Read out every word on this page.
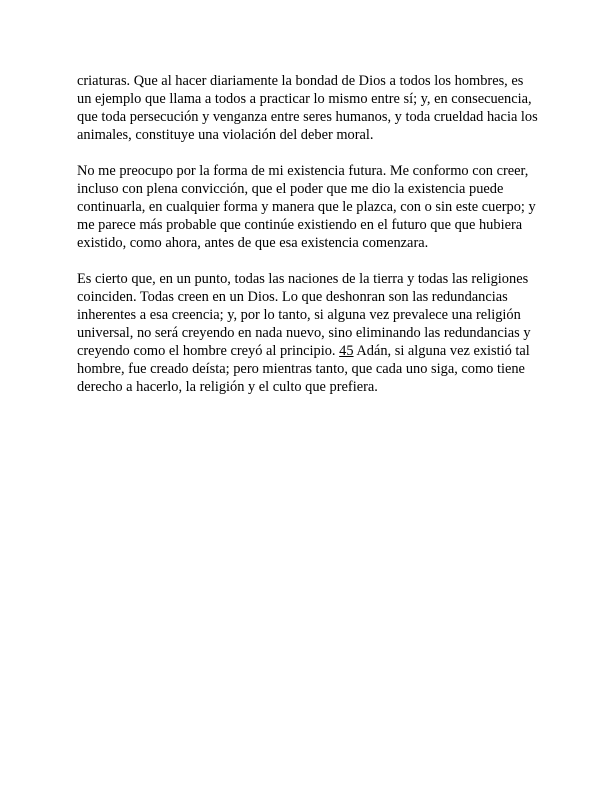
criaturas. Que al hacer diariamente la bondad de Dios a todos los hombres, es un ejemplo que llama a todos a practicar lo mismo entre sí; y, en consecuencia, que toda persecución y venganza entre seres humanos, y toda crueldad hacia los animales, constituye una violación del deber moral.

No me preocupo por la forma de mi existencia futura. Me conformo con creer, incluso con plena convicción, que el poder que me dio la existencia puede continuarla, en cualquier forma y manera que le plazca, con o sin este cuerpo; y me parece más probable que continúe existiendo en el futuro que que hubiera existido, como ahora, antes de que esa existencia comenzara.

Es cierto que, en un punto, todas las naciones de la tierra y todas las religiones coinciden. Todas creen en un Dios. Lo que deshonran son las redundancias inherentes a esa creencia; y, por lo tanto, si alguna vez prevalece una religión universal, no será creyendo en nada nuevo, sino eliminando las redundancias y creyendo como el hombre creyó al principio. 45 Adán, si alguna vez existió tal hombre, fue creado deísta; pero mientras tanto, que cada uno siga, como tiene derecho a hacerlo, la religión y el culto que prefiera.
